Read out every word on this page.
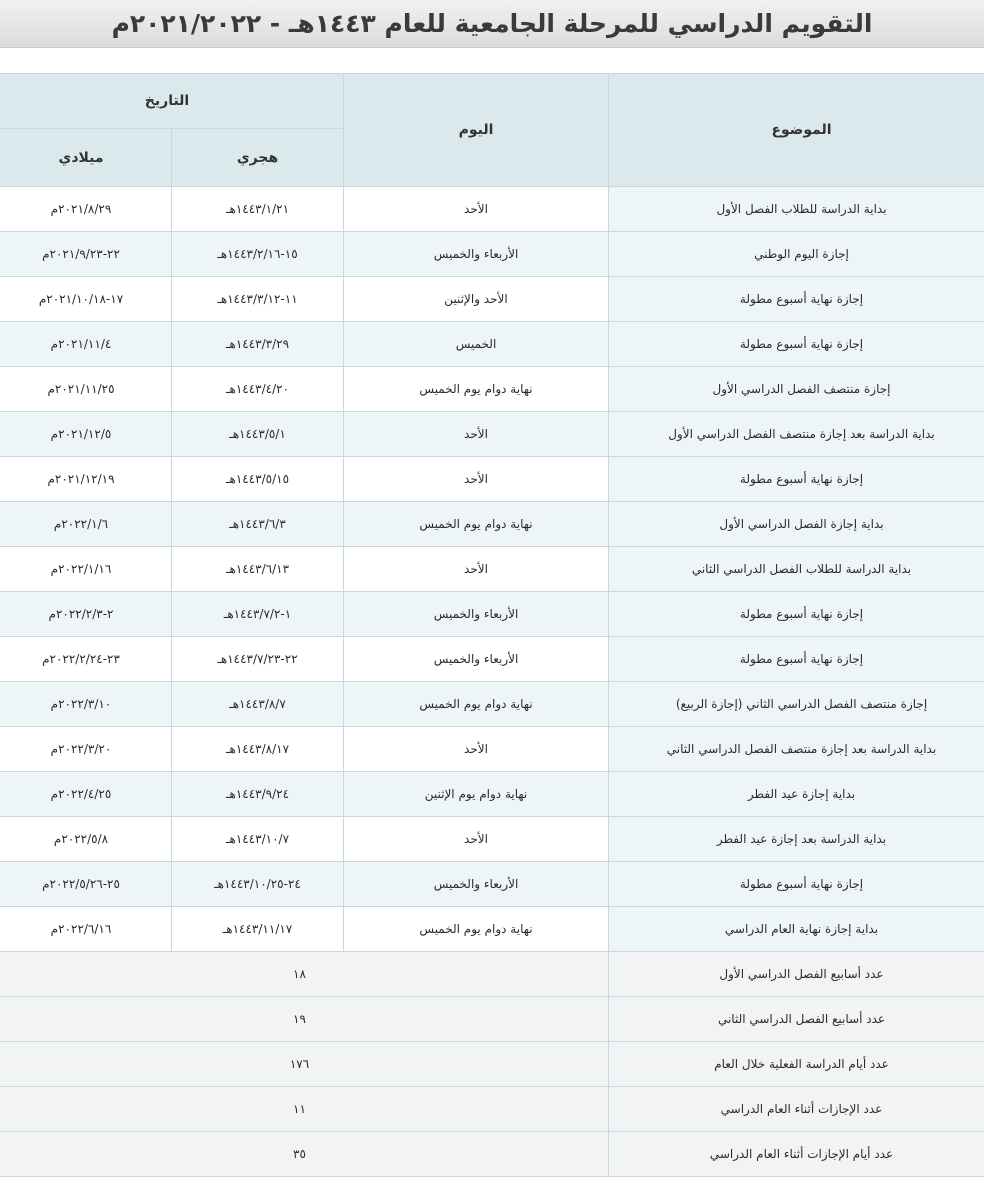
التقويم الدراسي للمرحلة الجامعية للعام ١٤٤٣هـ - ٢٠٢١/٢٠٢٢م
الموضوع	اليوم	التاريخ	
		هجري	ميلادي
بداية الدراسة للطلاب الفصل الأول	الأحد	١٤٤٣/١/٢١هـ	٢٠٢١/٨/٢٩م
إجازة اليوم الوطني	الأربعاء والخميس	١٥-١٤٤٣/٢/١٦هـ	٢٢-٢٠٢١/٩/٢٣م
إجازة نهاية أسبوع مطولة	الأحد والإثنين	١١-١٤٤٣/٣/١٢هـ	١٧-٢٠٢١/١٠/١٨م
إجازة نهاية أسبوع مطولة	الخميس	١٤٤٣/٣/٢٩هـ	٢٠٢١/١١/٤م
إجازة منتصف الفصل الدراسي الأول	نهاية دوام يوم الخميس	١٤٤٣/٤/٢٠هـ	٢٠٢١/١١/٢٥م
بداية الدراسة بعد إجازة منتصف الفصل الدراسي الأول	الأحد	١٤٤٣/٥/١هـ	٢٠٢١/١٢/٥م
إجازة نهاية أسبوع مطولة	الأحد	١٤٤٣/٥/١٥هـ	٢٠٢١/١٢/١٩م
بداية إجازة الفصل الدراسي الأول	نهاية دوام يوم الخميس	١٤٤٣/٦/٣هـ	٢٠٢٢/١/٦م
بداية الدراسة للطلاب الفصل الدراسي الثاني	الأحد	١٤٤٣/٦/١٣هـ	٢٠٢٢/١/١٦م
إجازة نهاية أسبوع مطولة	الأربعاء والخميس	١-١٤٤٣/٧/٢هـ	٢-٢٠٢٢/٢/٣م
إجازة نهاية أسبوع مطولة	الأربعاء والخميس	٢٢-١٤٤٣/٧/٢٣هـ	٢٣-٢٠٢٢/٢/٢٤م
إجازة منتصف الفصل الدراسي الثاني (إجازة الربيع)	نهاية دوام يوم الخميس	١٤٤٣/٨/٧هـ	٢٠٢٢/٣/١٠م
بداية الدراسة بعد إجازة منتصف الفصل الدراسي الثاني	الأحد	١٤٤٣/٨/١٧هـ	٢٠٢٢/٣/٢٠م
بداية إجازة عيد الفطر	نهاية دوام يوم الإثنين	١٤٤٣/٩/٢٤هـ	٢٠٢٢/٤/٢٥م
بداية الدراسة بعد إجازة عيد الفطر	الأحد	١٤٤٣/١٠/٧هـ	٢٠٢٢/٥/٨م
إجازة نهاية أسبوع مطولة	الأربعاء والخميس	٢٤-١٤٤٣/١٠/٢٥هـ	٢٥-٢٠٢٢/٥/٢٦م
بداية إجازة نهاية العام الدراسي	نهاية دوام يوم الخميس	١٤٤٣/١١/١٧هـ	٢٠٢٢/٦/١٦م
عدد أسابيع الفصل الدراسي الأول	١٨		
عدد أسابيع الفصل الدراسي الثاني	١٩		
عدد أيام الدراسة الفعلية خلال العام	١٧٦		
عدد الإجازات أثناء العام الدراسي	١١		
عدد أيام الإجازات أثناء العام الدراسي	٣٥		
